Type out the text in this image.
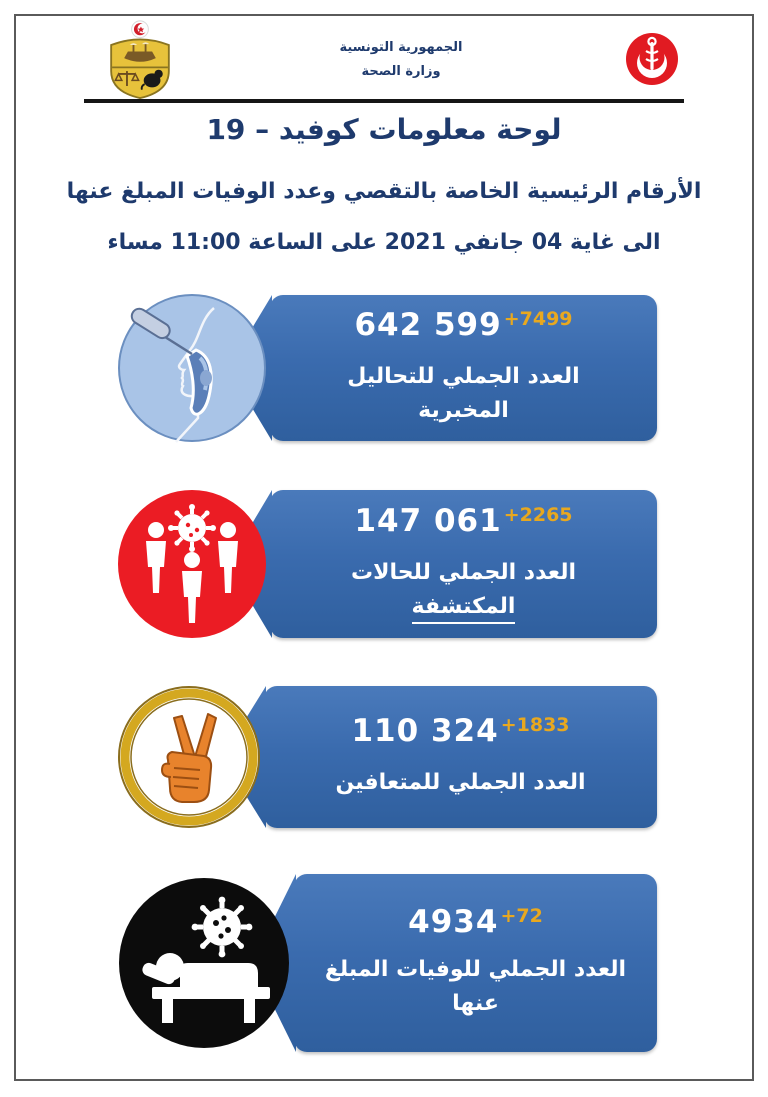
الجمهورية التونسية
وزارة الصحة
لوحة معلومات كوفيد – 19
الأرقام الرئيسية الخاصة بالتقصي وعدد الوفيات المبلغ عنها
الى غاية 04 جانفي 2021 على الساعة 11:00 مساء
642 599 $^{+7499}$
العدد الجملي للتحاليل المخبرية
147 061 $^{+2265}$
العدد الجملي للحالات المكتشفة
110 324 $^{+1833}$
العدد الجملي للمتعافين
4934 $^{+72}$
العدد الجملي للوفيات المبلغ عنها
